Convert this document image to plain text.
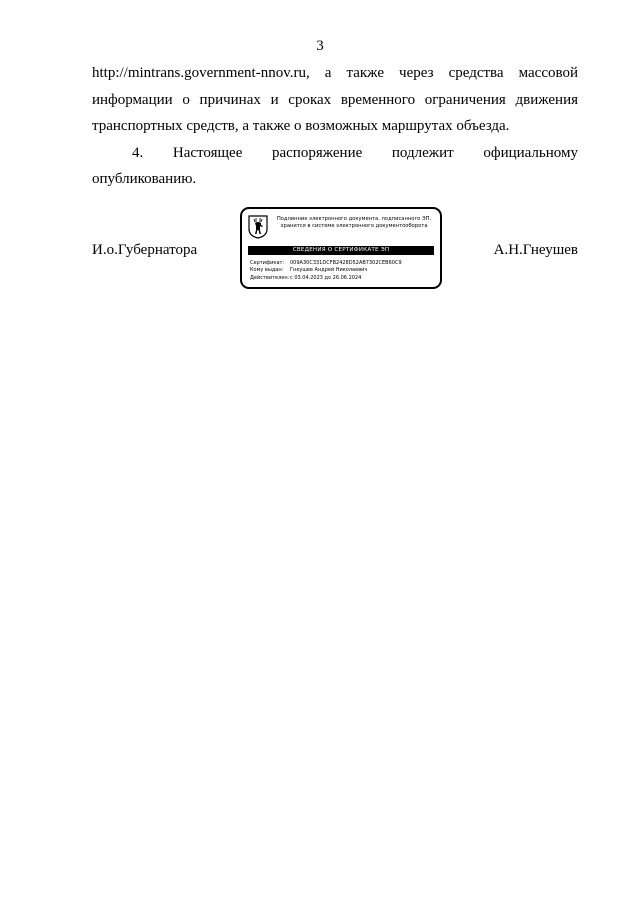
3

http://mintrans.government-nnov.ru, а также через средства массовой
информации о причинах и сроках временного ограничения движения
транспортных средств, а также о возможных маршрутах объезда.

4. Настоящее распоряжение подлежит официальному
опубликованию.

И.о.Губернатора	А.Н.Гнеушев
Подлинник электронного документа, подписанного ЭП,
хранится в системе электронного документооборота
СВЕДЕНИЯ О СЕРТИФИКАТЕ ЭП
Сертификат: 009A30C331DCFB2428D52AB7302CEB60C9
Кому выдан: Гнеушев Андрей Николаевич
Действителен:с 03.04.2023 до 26.06.2024
